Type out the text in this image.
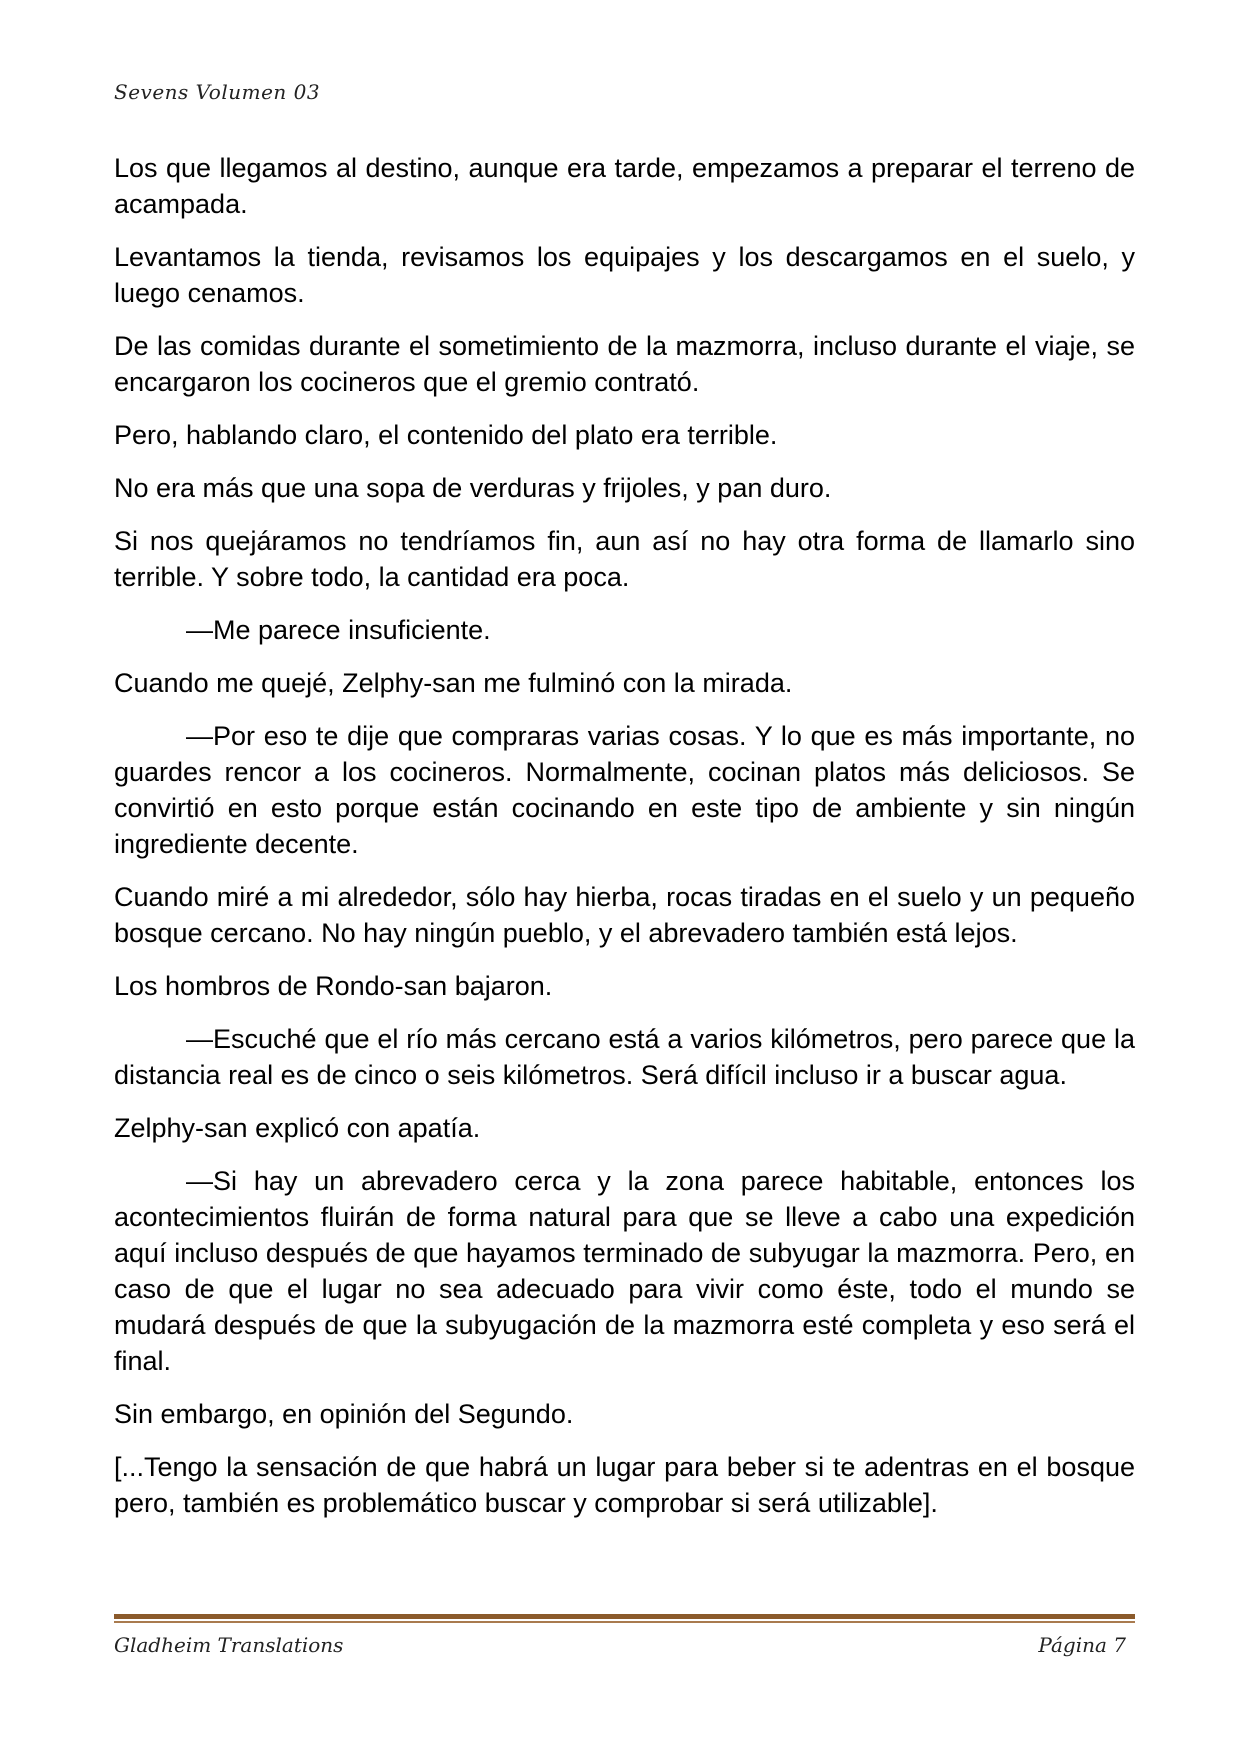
Sevens Volumen 03

Los que llegamos al destino, aunque era tarde, empezamos a preparar el terreno de acampada.

Levantamos la tienda, revisamos los equipajes y los descargamos en el suelo, y luego cenamos.

De las comidas durante el sometimiento de la mazmorra, incluso durante el viaje, se encargaron los cocineros que el gremio contrató.

Pero, hablando claro, el contenido del plato era terrible.

No era más que una sopa de verduras y frijoles, y pan duro.

Si nos quejáramos no tendríamos fin, aun así no hay otra forma de llamarlo sino terrible. Y sobre todo, la cantidad era poca.

—Me parece insuficiente.

Cuando me quejé, Zelphy-san me fulminó con la mirada.

—Por eso te dije que compraras varias cosas. Y lo que es más importante, no guardes rencor a los cocineros. Normalmente, cocinan platos más deliciosos. Se convirtió en esto porque están cocinando en este tipo de ambiente y sin ningún ingrediente decente.

Cuando miré a mi alrededor, sólo hay hierba, rocas tiradas en el suelo y un pequeño bosque cercano. No hay ningún pueblo, y el abrevadero también está lejos.

Los hombros de Rondo-san bajaron.

—Escuché que el río más cercano está a varios kilómetros, pero parece que la distancia real es de cinco o seis kilómetros. Será difícil incluso ir a buscar agua.

Zelphy-san explicó con apatía.

—Si hay un abrevadero cerca y la zona parece habitable, entonces los acontecimientos fluirán de forma natural para que se lleve a cabo una expedición aquí incluso después de que hayamos terminado de subyugar la mazmorra. Pero, en caso de que el lugar no sea adecuado para vivir como éste, todo el mundo se mudará después de que la subyugación de la mazmorra esté completa y eso será el final.

Sin embargo, en opinión del Segundo.

[...Tengo la sensación de que habrá un lugar para beber si te adentras en el bosque pero, también es problemático buscar y comprobar si será utilizable].

Gladheim Translations	Página 7
